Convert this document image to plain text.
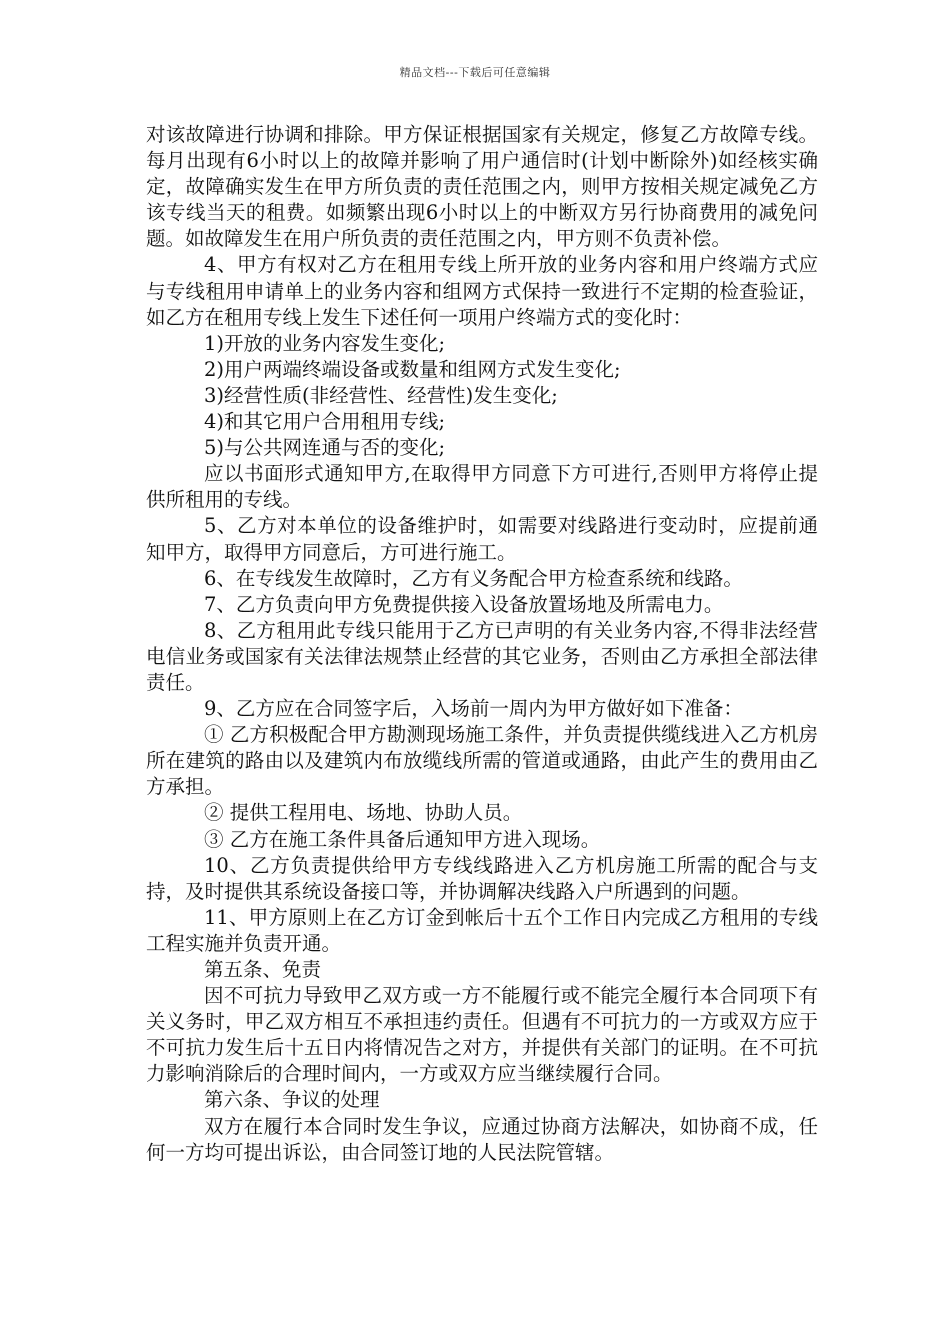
精品文档---下载后可任意编辑

对该故障进行协调和排除。甲方保证根据国家有关规定，修复乙方故障专线。每月出现有6小时以上的故障并影响了用户通信时(计划中断除外)如经核实确定，故障确实发生在甲方所负责的责任范围之内，则甲方按相关规定减免乙方该专线当天的租费。如频繁出现6小时以上的中断双方另行协商费用的减免问题。如故障发生在用户所负责的责任范围之内，甲方则不负责补偿。

4、甲方有权对乙方在租用专线上所开放的业务内容和用户终端方式应与专线租用申请单上的业务内容和组网方式保持一致进行不定期的检查验证，如乙方在租用专线上发生下述任何一项用户终端方式的变化时：

1)开放的业务内容发生变化;

2)用户两端终端设备或数量和组网方式发生变化;

3)经营性质(非经营性、经营性)发生变化;

4)和其它用户合用租用专线;

5)与公共网连通与否的变化;

应以书面形式通知甲方,在取得甲方同意下方可进行,否则甲方将停止提供所租用的专线。

5、乙方对本单位的设备维护时，如需要对线路进行变动时，应提前通知甲方，取得甲方同意后，方可进行施工。

6、在专线发生故障时，乙方有义务配合甲方检查系统和线路。

7、乙方负责向甲方免费提供接入设备放置场地及所需电力。

8、乙方租用此专线只能用于乙方已声明的有关业务内容,不得非法经营电信业务或国家有关法律法规禁止经营的其它业务，否则由乙方承担全部法律责任。

9、乙方应在合同签字后，入场前一周内为甲方做好如下准备：

① 乙方积极配合甲方勘测现场施工条件，并负责提供缆线进入乙方机房所在建筑的路由以及建筑内布放缆线所需的管道或通路，由此产生的费用由乙方承担。

② 提供工程用电、场地、协助人员。

③ 乙方在施工条件具备后通知甲方进入现场。

10、乙方负责提供给甲方专线线路进入乙方机房施工所需的配合与支持，及时提供其系统设备接口等，并协调解决线路入户所遇到的问题。

11、甲方原则上在乙方订金到帐后十五个工作日内完成乙方租用的专线工程实施并负责开通。

第五条、免责

因不可抗力导致甲乙双方或一方不能履行或不能完全履行本合同项下有关义务时，甲乙双方相互不承担违约责任。但遇有不可抗力的一方或双方应于不可抗力发生后十五日内将情况告之对方，并提供有关部门的证明。在不可抗力影响消除后的合理时间内，一方或双方应当继续履行合同。

第六条、争议的处理

双方在履行本合同时发生争议，应通过协商方法解决，如协商不成，任何一方均可提出诉讼，由合同签订地的人民法院管辖。
